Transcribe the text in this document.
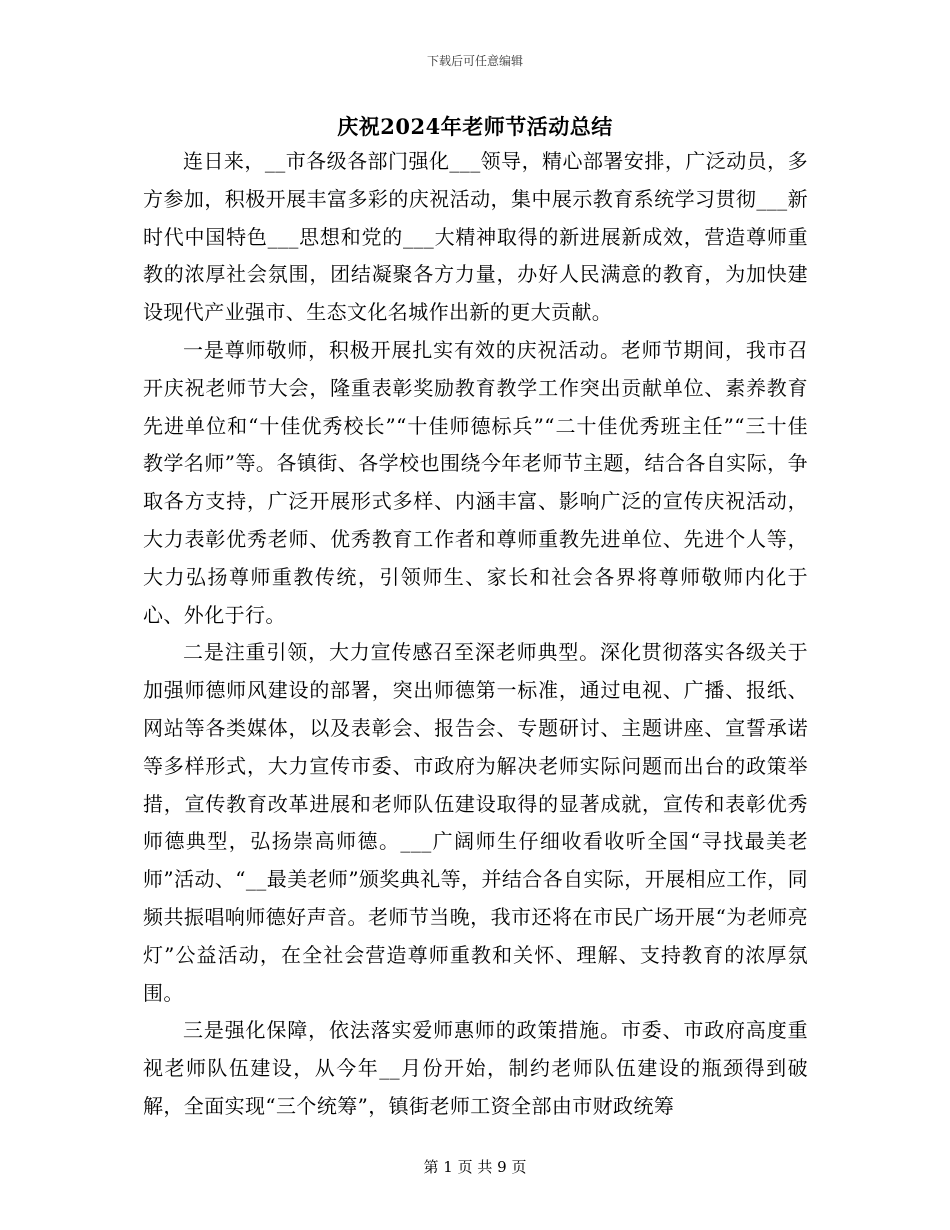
下载后可任意编辑
庆祝2024年老师节活动总结

连日来，__市各级各部门强化___领导，精心部署安排，广泛动员，多方参加，积极开展丰富多彩的庆祝活动，集中展示教育系统学习贯彻___新时代中国特色___思想和党的___大精神取得的新进展新成效，营造尊师重教的浓厚社会氛围，团结凝聚各方力量，办好人民满意的教育，为加快建设现代产业强市、生态文化名城作出新的更大贡献。

一是尊师敬师，积极开展扎实有效的庆祝活动。老师节期间，我市召开庆祝老师节大会，隆重表彰奖励教育教学工作突出贡献单位、素养教育先进单位和“十佳优秀校长”“十佳师德标兵”“二十佳优秀班主任”“三十佳教学名师”等。各镇街、各学校也围绕今年老师节主题，结合各自实际，争取各方支持，广泛开展形式多样、内涵丰富、影响广泛的宣传庆祝活动，大力表彰优秀老师、优秀教育工作者和尊师重教先进单位、先进个人等，大力弘扬尊师重教传统，引领师生、家长和社会各界将尊师敬师内化于心、外化于行。

二是注重引领，大力宣传感召至深老师典型。深化贯彻落实各级关于加强师德师风建设的部署，突出师德第一标准，通过电视、广播、报纸、网站等各类媒体，以及表彰会、报告会、专题研讨、主题讲座、宣誓承诺等多样形式，大力宣传市委、市政府为解决老师实际问题而出台的政策举措，宣传教育改革进展和老师队伍建设取得的显著成就，宣传和表彰优秀师德典型，弘扬崇高师德。___广阔师生仔细收看收听全国“寻找最美老师”活动、“__最美老师”颁奖典礼等，并结合各自实际，开展相应工作，同频共振唱响师德好声音。老师节当晚，我市还将在市民广场开展“为老师亮灯”公益活动，在全社会营造尊师重教和关怀、理解、支持教育的浓厚氛围。

三是强化保障，依法落实爱师惠师的政策措施。市委、市政府高度重视老师队伍建设，从今年__月份开始，制约老师队伍建设的瓶颈得到破解，全面实现“三个统筹”，镇街老师工资全部由市财政统筹

第 1 页 共 9 页
